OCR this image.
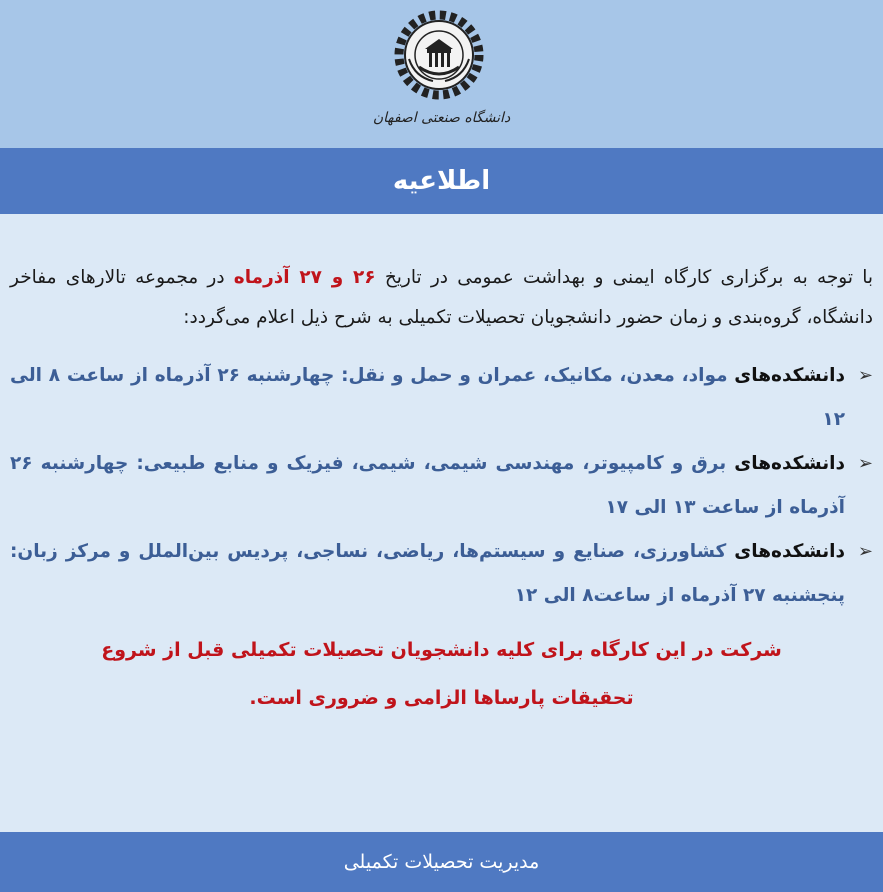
دانشگاه صنعتی اصفهان
اطلاعیه

با توجه به برگزاری کارگاه ایمنی و بهداشت عمومی در تاریخ ۲۶ و ۲۷ آذرماه در مجموعه تالارهای مفاخر دانشگاه، گروه‌بندی و زمان حضور دانشجویان تحصیلات تکمیلی به شرح ذیل اعلام می‌گردد:

➢
دانشکده‌های مواد، معدن، مکانیک، عمران و حمل و نقل: چهارشنبه ۲۶ آذرماه از ساعت ۸ الی ۱۲
➢
دانشکده‌های برق و کامپیوتر، مهندسی شیمی، شیمی، فیزیک و منابع طبیعی: چهارشنبه ۲۶ آذرماه از ساعت ۱۳ الی ۱۷
➢
دانشکده‌های کشاورزی، صنایع و سیستم‌ها، ریاضی، نساجی، پردیس بین‌الملل و مرکز زبان: پنجشنبه ۲۷ آذرماه از ساعت۸ الی ۱۲
شرکت در این کارگاه برای کلیه دانشجویان تحصیلات تکمیلی قبل از شروع
تحقیقات پارساها الزامی و ضروری است.
مدیریت تحصیلات تکمیلی
